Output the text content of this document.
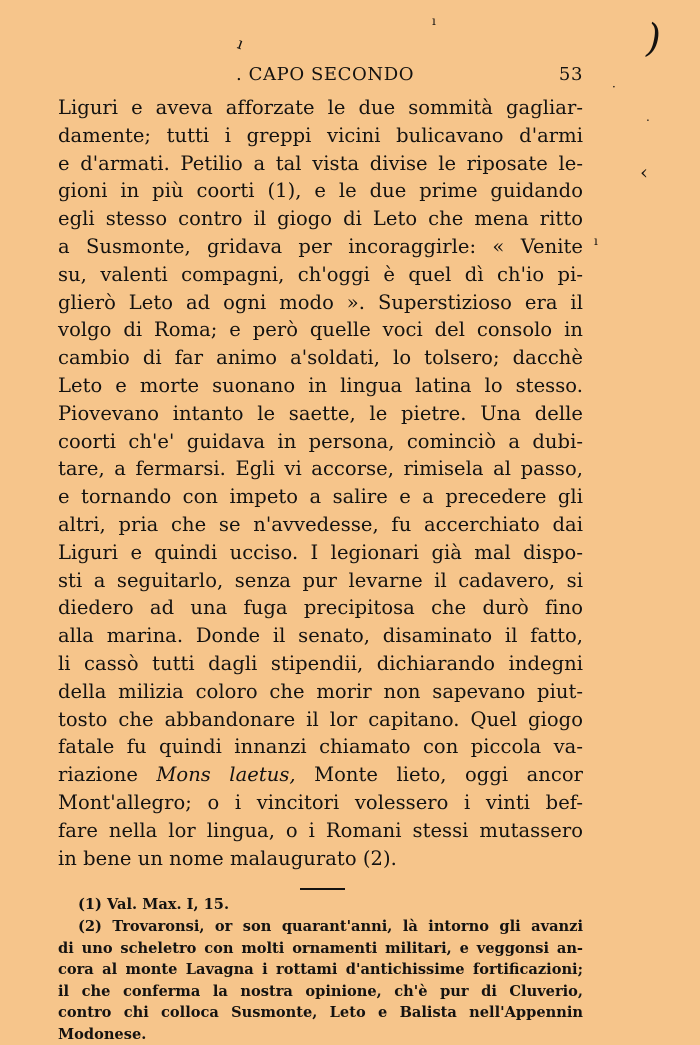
ı
ı	)
·
.
‹
ı
. CAPO SECONDO	53
Liguri e aveva afforzate le due sommità gagliar-
damente; tutti i greppi vicini bulicavano d'armi
e d'armati. Petilio a tal vista divise le riposate le-
gioni in più coorti (1), e le due prime guidando
egli stesso contro il giogo di Leto che mena ritto
a Susmonte, gridava per incoraggirle: « Venite
su, valenti compagni, ch'oggi è quel dì ch'io pi-
glierò Leto ad ogni modo ». Superstizioso era il
volgo di Roma; e però quelle voci del consolo in
cambio di far animo a'soldati, lo tolsero; dacchè
Leto e morte suonano in lingua latina lo stesso.
Piovevano intanto le saette, le pietre. Una delle
coorti ch'e' guidava in persona, cominciò a dubi-
tare, a fermarsi. Egli vi accorse, rimiselа al passo,
e tornando con impeto a salire e a precedere gli
altri, pria che se n'avvedesse, fu accerchiato dai
Liguri e quindi ucciso. I legionari già mal dispo-
sti a seguitarlo, senza pur levarne il cadavero, si
diedero ad una fuga precipitosa che durò fino
alla marina. Donde il senato, disaminato il fatto,
li cassò tutti dagli stipendii, dichiarando indegni
della milizia coloro che morir non sapevano piut-
tosto che abbandonare il lor capitano. Quel giogo
fatale fu quindi innanzi chiamato con piccola va-
riazione Mons laetus, Monte lieto, oggi ancor
Mont'allegro; o i vincitori volessero i vinti bef-
fare nella lor lingua, o i Romani stessi mutassero
in bene un nome malaugurato (2).
(1) Val. Max. I, 15.
(2) Trovaronsi, or son quarant'anni, là intorno gli avanzi
di uno scheletro con molti ornamenti militari, e veggonsi an-
cora al monte Lavagna i rottami d'antichissime fortificazioni;
il che conferma la nostra opinione, ch'è pur di Cluverio,
contro chi colloca Susmonte, Leto e Balista nell'Appennin
Modonese.
